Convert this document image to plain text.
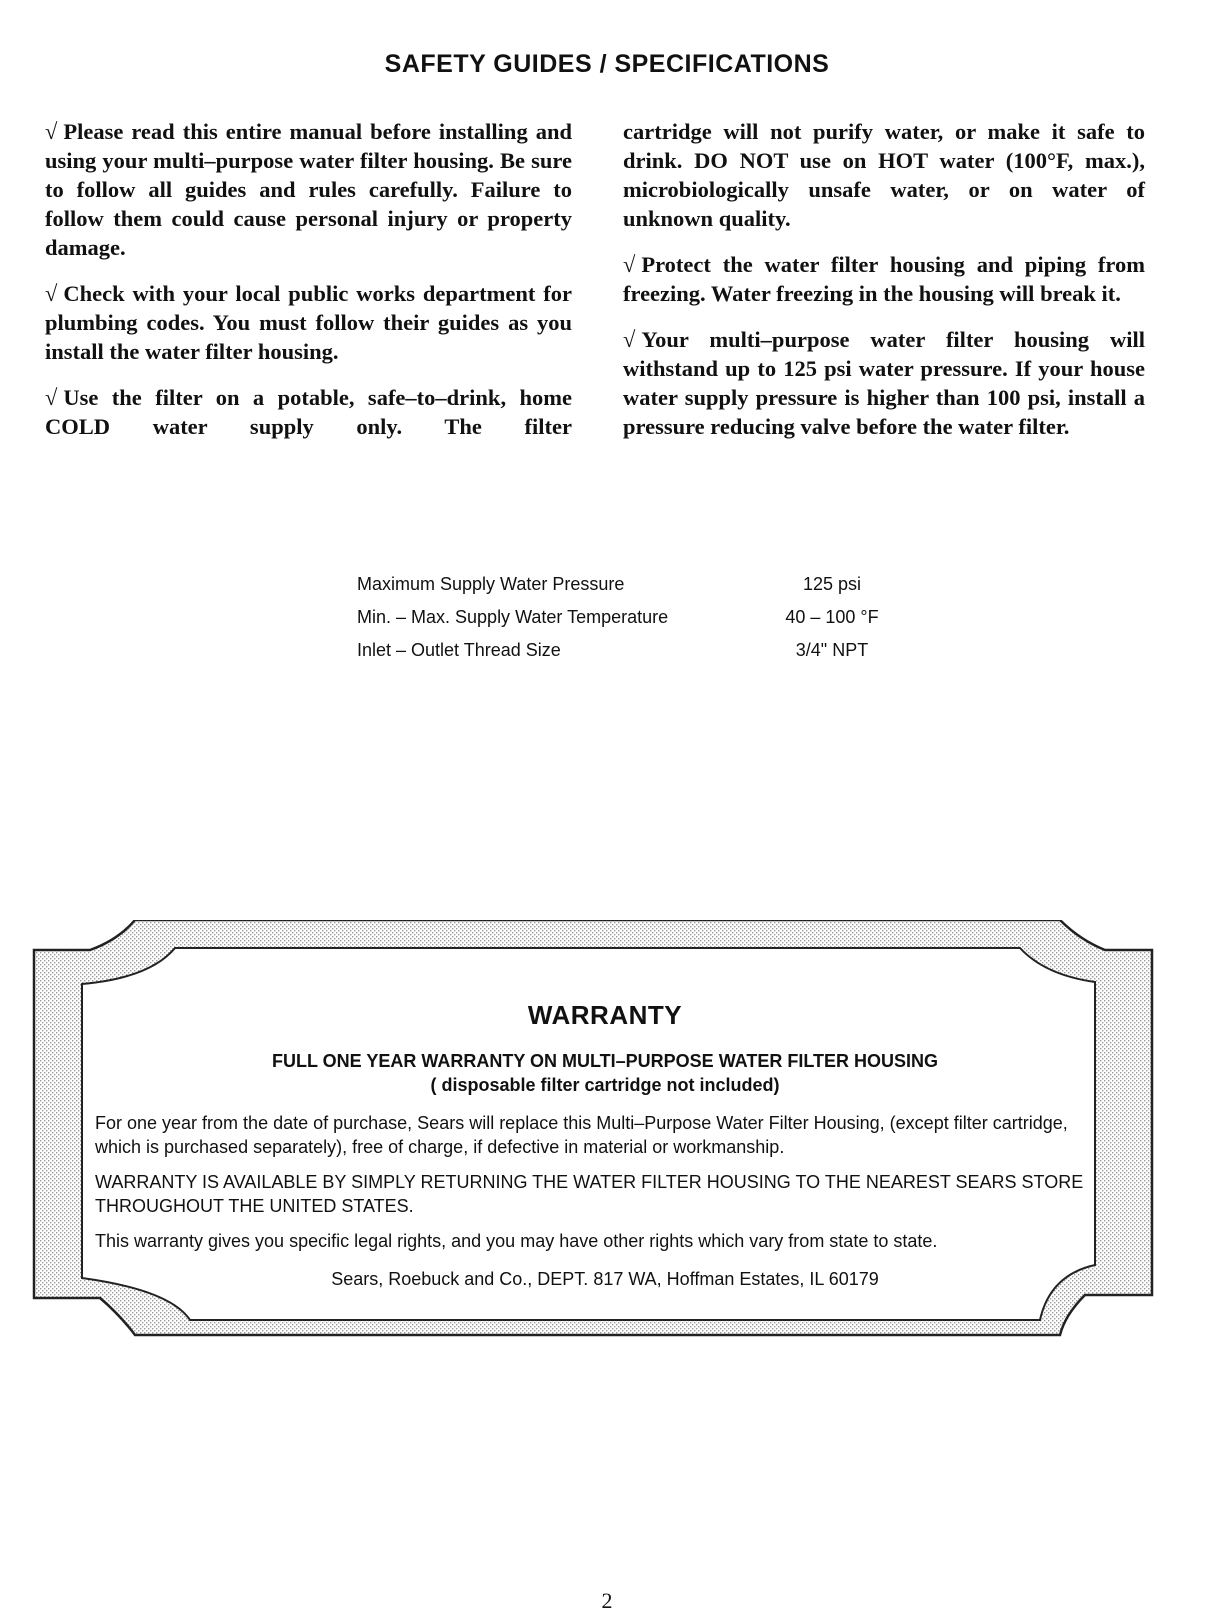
SAFETY GUIDES / SPECIFICATIONS

√ Please read this entire manual before installing and using your multi–purpose water filter housing. Be sure to follow all guides and rules carefully. Failure to follow them could cause personal injury or property damage.

√ Check with your local public works department for plumbing codes. You must follow their guides as you install the water filter housing.

√ Use the filter on a potable, safe–to–drink, home COLD water supply only. The filter

cartridge will not purify water, or make it safe to drink. DO NOT use on HOT water (100°F, max.), microbiologically unsafe water, or on water of unknown quality.

√ Protect the water filter housing and piping from freezing. Water freezing in the housing will break it.

√ Your multi–purpose water filter housing will withstand up to 125 psi water pressure. If your house water supply pressure is higher than 100 psi, install a pressure reducing valve before the water filter.

Maximum Supply Water Pressure	125 psi
Min. – Max. Supply Water Temperature	40 – 100 °F
Inlet – Outlet Thread Size	3/4" NPT
WARRANTY
FULL ONE YEAR WARRANTY ON MULTI–PURPOSE WATER FILTER HOUSING
( disposable filter cartridge not included)

For one year from the date of purchase, Sears will replace this Multi–Purpose Water Filter Housing, (except filter cartridge, which is purchased separately), free of charge, if defective in material or workmanship.

WARRANTY IS AVAILABLE BY SIMPLY RETURNING THE WATER FILTER HOUSING TO THE NEAREST SEARS STORE THROUGHOUT THE UNITED STATES.

This warranty gives you specific legal rights, and you may have other rights which vary from state to state.

Sears, Roebuck and Co., DEPT. 817 WA, Hoffman Estates, IL 60179
2
